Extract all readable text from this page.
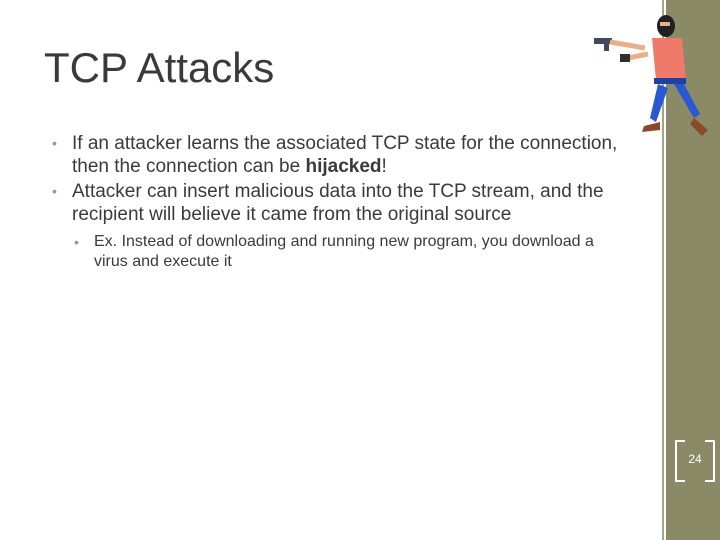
TCP Attacks
• If an attacker learns the associated TCP state for the connection, then the connection can be hijacked!
• Attacker can insert malicious data into the TCP stream, and the recipient will believe it came from the original source
• Ex. Instead of downloading and running new program, you download a virus and execute it
24
